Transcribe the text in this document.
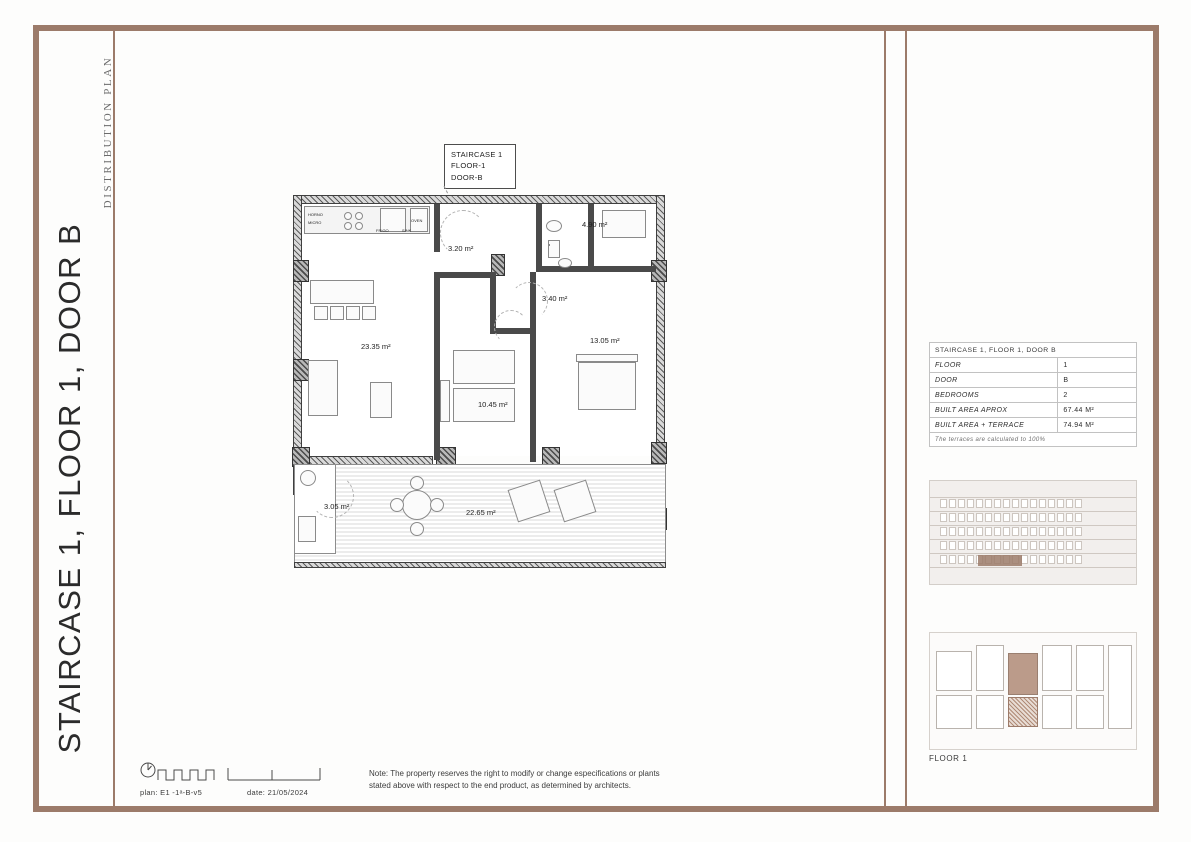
STAIRCASE 1, FLOOR 1, DOOR B
DISTRIBUTION PLAN	STAIRCASE 1
FLOOR-1
DOOR-B
HORNO
MICRO
FRIGO	SINK
OVEN
3.20 m²
23.35 m²
4.90 m²
3.40 m²
13.05 m²
10.45 m²
22.65 m²
3.05 m²
STAIRCASE 1, FLOOR 1, DOOR B	
FLOOR	1
DOOR	B
BEDROOMS	2
BUILT AREA APROX	67.44 M²
BUILT AREA + TERRACE	74.94 M²
The terraces are calculated to 100%	
FLOOR 1
plan: E1 -1ᵃ-B-v5	date: 21/05/2024
Note: The property reserves the right to modify or change especifications or plants
stated above with respect to the end product, as determined by architects.
